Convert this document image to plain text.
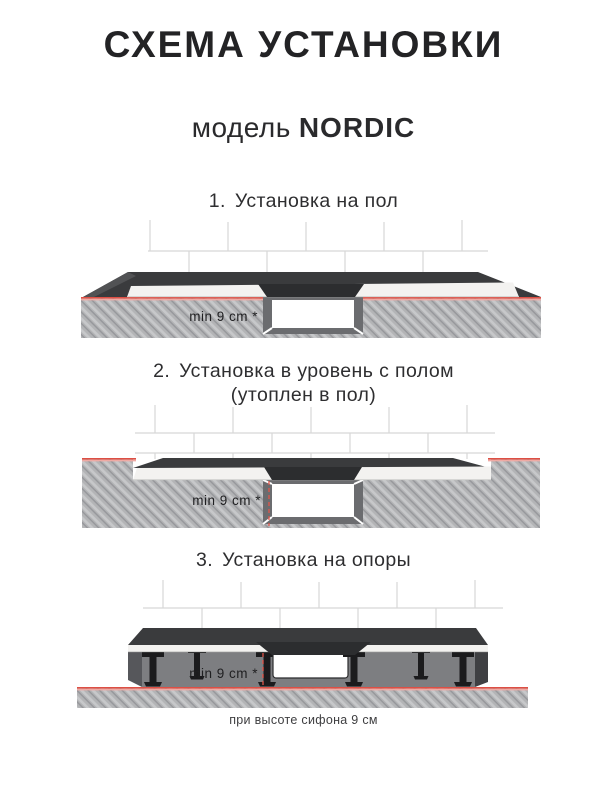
СХЕМА УСТАНОВКИ
модель NORDIC
1. Установка на пол
min 9 cm *
2. Установка в уровень с полом
(утоплен в пол)
min 9 cm *
3. Установка на опоры
min 9 cm *
при высоте сифона 9 см
